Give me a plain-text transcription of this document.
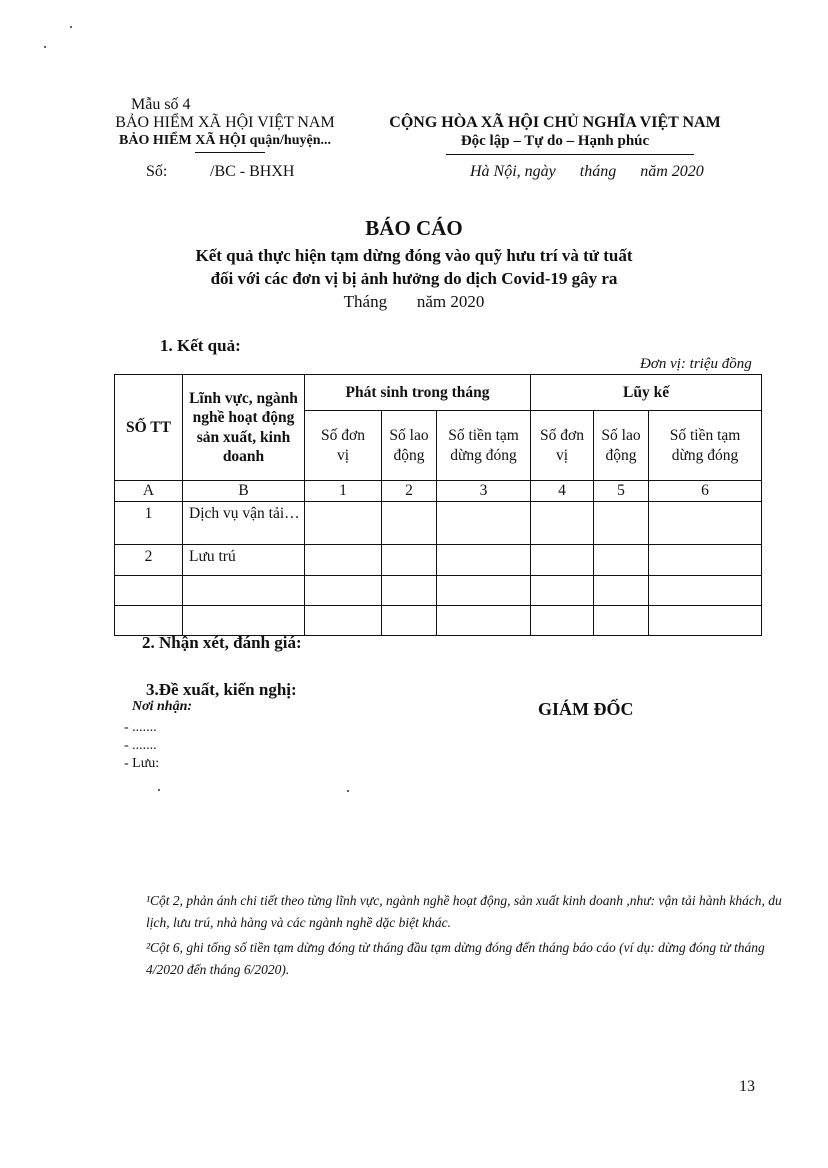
Mẫu số 4
BẢO HIỂM XÃ HỘI VIỆT NAM
BẢO HIỂM XÃ HỘI quận/huyện...
CỘNG HÒA XÃ HỘI CHỦ NGHĨA VIỆT NAM
Độc lập – Tự do – Hạnh phúc
Số:	/BC - BHXH	Hà Nội, ngày      tháng      năm 2020
BÁO CÁO
Kết quả thực hiện tạm dừng đóng vào quỹ hưu trí và tử tuất
đối với các đơn vị bị ảnh hưởng do dịch Covid-19 gây ra
Tháng       năm 2020
1. Kết quả:
Đơn vị: triệu đồng
SỐ TT	Lĩnh vực, ngành nghề hoạt động sản xuất, kinh doanh	Phát sinh trong tháng			Lũy kế		
		Số đơn vị	Số lao động	Số tiền tạm dừng đóng	Số đơn vị	Số lao động	Số tiền tạm dừng đóng
A	B	1	2	3	4	5	6
1	Dịch vụ vận tải…						
2	Lưu trú						

2. Nhận xét, đánh giá:
3.Đề xuất, kiến nghị:
Nơi nhận:
- .......
- .......
- Lưu:
GIÁM ĐỐC
¹Cột 2, phản ánh chi tiết theo từng lĩnh vực, ngành nghề hoạt động, sản xuất kinh doanh ,như: vận tải hành khách, du lịch, lưu trú, nhà hàng và các ngành nghề dặc biệt khác.
²Cột 6, ghi tổng số tiền tạm dừng đóng từ tháng đầu tạm dừng đóng đến tháng báo cáo (ví dụ: dừng đóng từ tháng 4/2020 đến tháng 6/2020).
13
